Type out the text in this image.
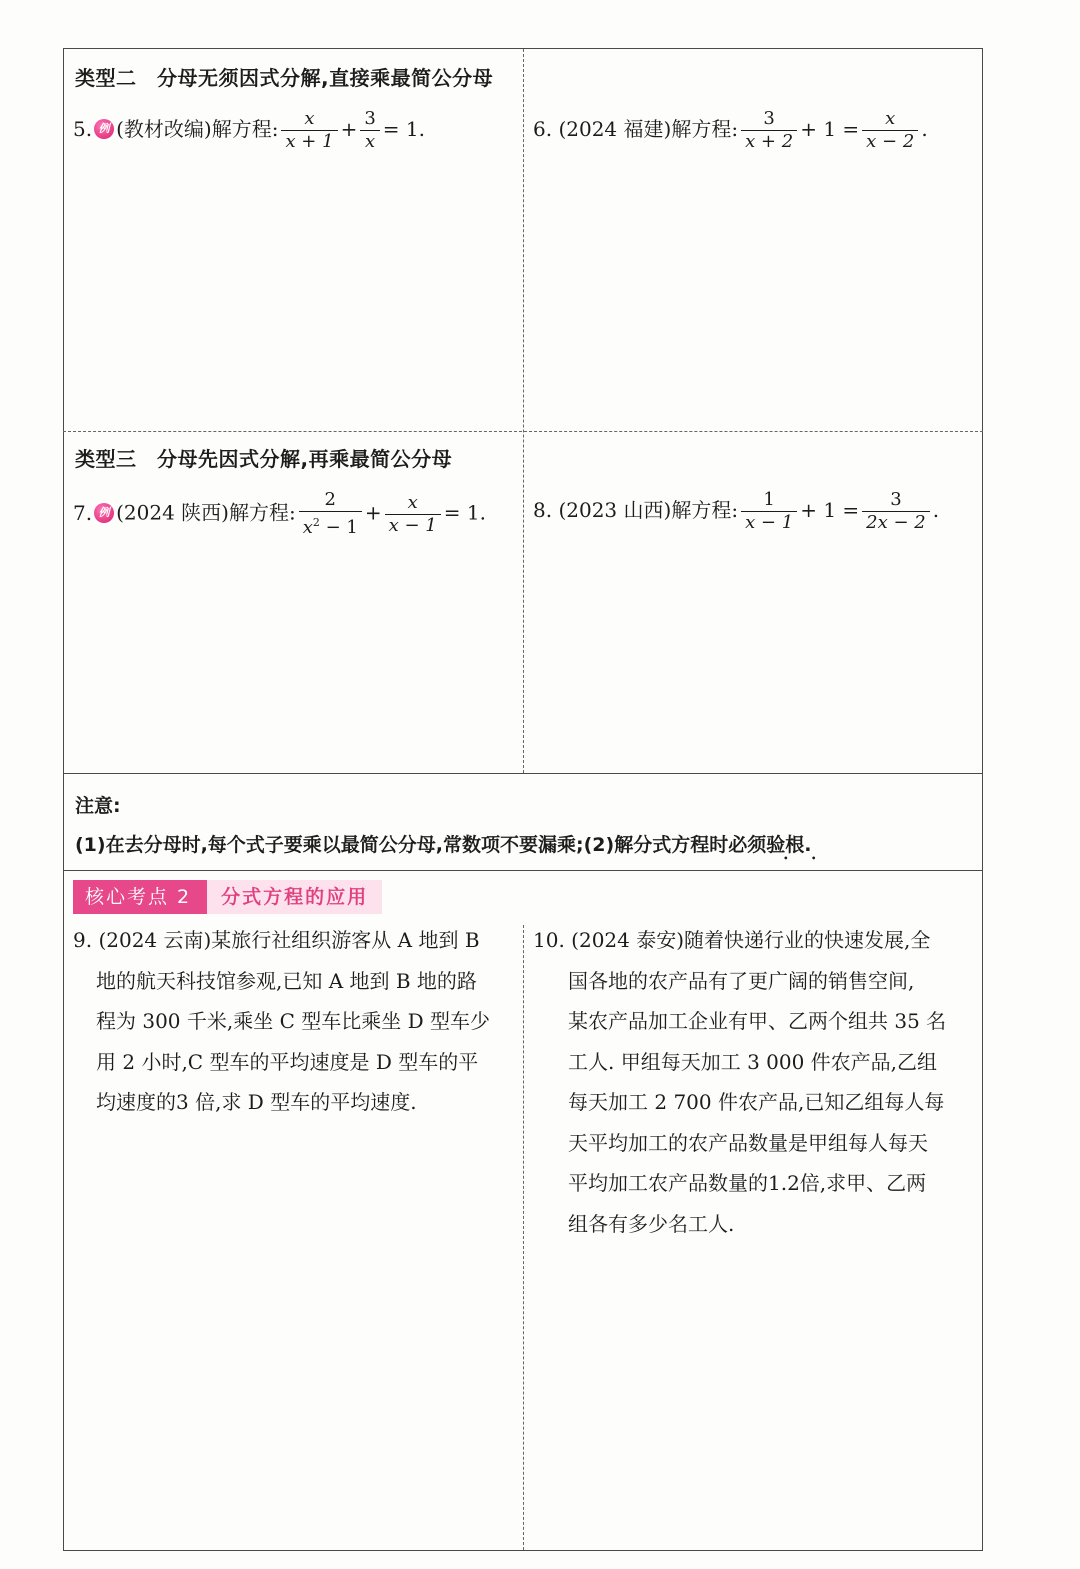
类型二　分母无须因式分解,直接乘最简公分母
5. 例 (教材改编)解方程: $\frac{x}{x + 1} + \frac{3}{x} = 1$.	6. (2024 福建)解方程: $\frac{3}{x + 2} + 1 = \frac{x}{x - 2}$ .
类型三　分母先因式分解,再乘最简公分母
7. 例 (2024 陕西)解方程: $\frac{2}{x^2 - 1} + \frac{x}{x - 1} = 1$. 8. (2023 山西)解方程: $\frac{1}{x - 1} + 1 = \frac{3}{2x - 2}$ .
注意:
(1)在去分母时,每个式子要乘以最简公分母,常数项不要漏乘;(2)解分式方程时必须验根 • •.
核心考点 2	分式方程的应用
9. (2024 云南)某旅行社组织游客从 A 地到 B
地的航天科技馆参观,已知 A 地到 B 地的路
程为 300 千米,乘坐 C 型车比乘坐 D 型车少
用 2 小时,C 型车的平均速度是 D 型车的平
均速度的3 倍,求 D 型车的平均速度.
10. (2024 泰安)随着快递行业的快速发展,全
国各地的农产品有了更广阔的销售空间,
某农产品加工企业有甲、乙两个组共 35 名
工人. 甲组每天加工 3 000 件农产品,乙组
每天加工 2 700 件农产品,已知乙组每人每
天平均加工的农产品数量是甲组每人每天
平均加工农产品数量的1.2倍,求甲、乙两
组各有多少名工人.
